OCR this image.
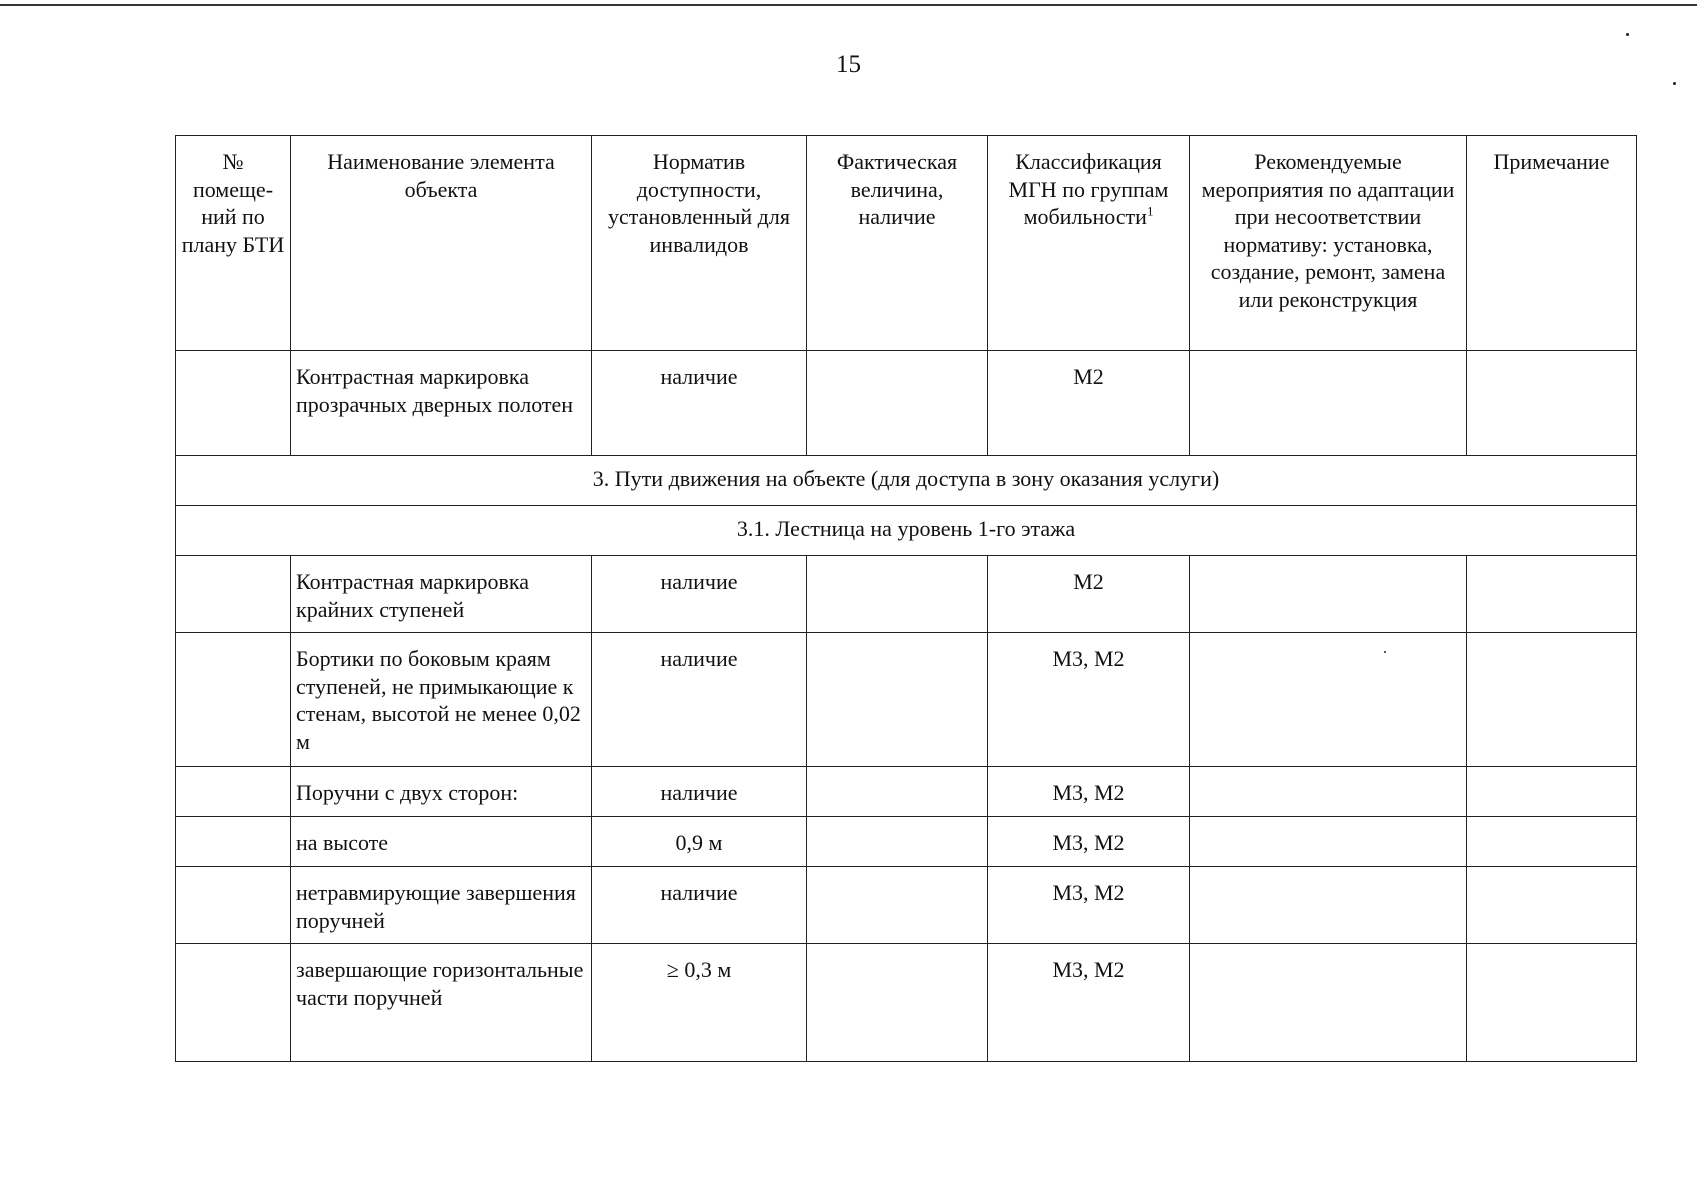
15
№ помеще-ний по плану БТИ	Наименование элемента объекта	Норматив доступности, установленный для инвалидов	Фактическая величина, наличие	Классификация МГН по группам мобильности$^1$	Рекомендуемые мероприятия по адаптации при несоответствии нормативу: установка, создание, ремонт, замена или реконструкция	Примечание
	Контрастная маркировка прозрачных дверных полотен	наличие		М2		
3. Пути движения на объекте (для доступа в зону оказания услуги)						
3.1. Лестница на уровень 1-го этажа						
	Контрастная маркировка крайних ступеней	наличие		М2		
	Бортики по боковым краям ступеней, не примыкающие к стенам, высотой не менее 0,02 м	наличие		М3, М2		
	Поручни с двух сторон:	наличие		М3, М2		
	на высоте	0,9 м		М3, М2		
	нетравмирующие завершения поручней	наличие		М3, М2		
	завершающие горизонтальные части поручней	≥ 0,3 м		М3, М2		
